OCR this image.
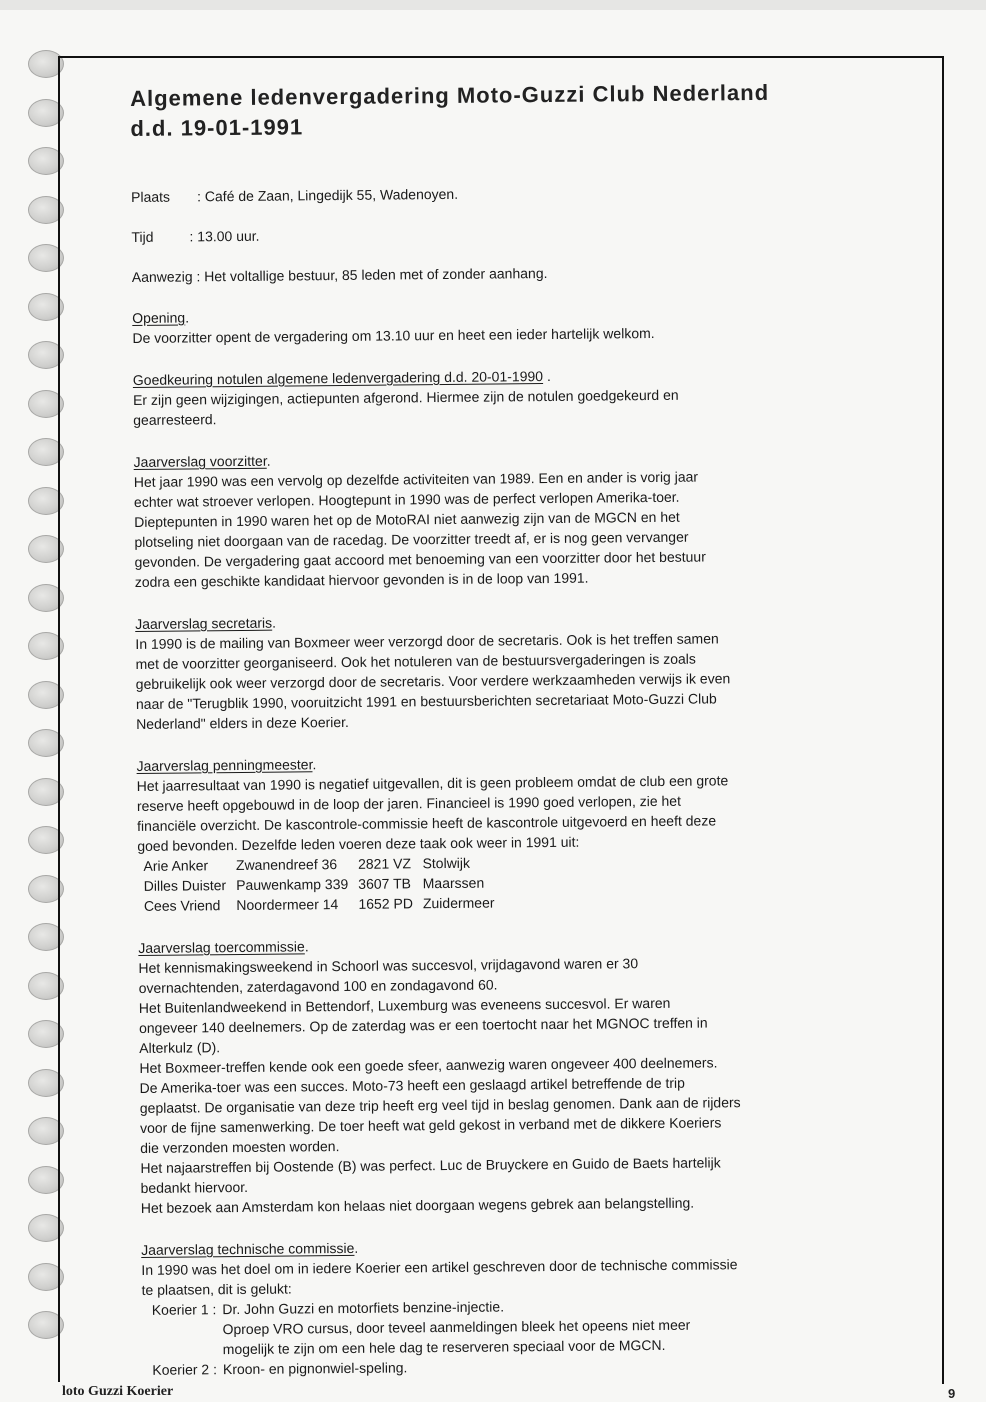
Algemene ledenvergadering Moto-Guzzi Club Nederland
d.d. 19-01-1991
Plaats : Café de Zaan, Lingedijk 55, Wadenoyen.
Tijd	: 13.00 uur.
Aanwezig : Het voltallige bestuur, 85 leden met of zonder aanhang.
Opening.

De voorzitter opent de vergadering om 13.10 uur en heet een ieder hartelijk welkom.

Goedkeuring notulen algemene ledenvergadering d.d. 20-01-1990 .

Er zijn geen wijzigingen, actiepunten afgerond. Hiermee zijn de notulen goedgekeurd en

gearresteerd.

Jaarverslag voorzitter.

Het jaar 1990 was een vervolg op dezelfde activiteiten van 1989. Een en ander is vorig jaar

echter wat stroever verlopen. Hoogtepunt in 1990 was de perfect verlopen Amerika-toer.

Dieptepunten in 1990 waren het op de MotoRAI niet aanwezig zijn van de MGCN en het

plotseling niet doorgaan van de racedag. De voorzitter treedt af, er is nog geen vervanger

gevonden. De vergadering gaat accoord met benoeming van een voorzitter door het bestuur

zodra een geschikte kandidaat hiervoor gevonden is in de loop van 1991.

Jaarverslag secretaris.

In 1990 is de mailing van Boxmeer weer verzorgd door de secretaris. Ook is het treffen samen

met de voorzitter georganiseerd. Ook het notuleren van de bestuursvergaderingen is zoals

gebruikelijk ook weer verzorgd door de secretaris. Voor verdere werkzaamheden verwijs ik even

naar de "Terugblik 1990, vooruitzicht 1991 en bestuursberichten secretariaat Moto-Guzzi Club

Nederland" elders in deze Koerier.

Jaarverslag penningmeester.

Het jaarresultaat van 1990 is negatief uitgevallen, dit is geen probleem omdat de club een grote

reserve heeft opgebouwd in de loop der jaren. Financieel is 1990 goed verlopen, zie het

financiële overzicht. De kascontrole-commissie heeft de kascontrole uitgevoerd en heeft deze

goed bevonden. Dezelfde leden voeren deze taak ook weer in 1991 uit:

Arie Anker	Zwanendreef 36	2821 VZ	Stolwijk
Dilles Duister	Pauwenkamp 339	3607 TB	Maarssen
Cees Vriend	Noordermeer 14	1652 PD	Zuidermeer
Jaarverslag toercommissie.

Het kennismakingsweekend in Schoorl was succesvol, vrijdagavond waren er 30

overnachtenden, zaterdagavond 100 en zondagavond 60.

Het Buitenlandweekend in Bettendorf, Luxemburg was eveneens succesvol. Er waren

ongeveer 140 deelnemers. Op de zaterdag was er een toertocht naar het MGNOC treffen in

Alterkulz (D).

Het Boxmeer-treffen kende ook een goede sfeer, aanwezig waren ongeveer 400 deelnemers.

De Amerika-toer was een succes. Moto-73 heeft een geslaagd artikel betreffende de trip

geplaatst. De organisatie van deze trip heeft erg veel tijd in beslag genomen. Dank aan de rijders

voor de fijne samenwerking. De toer heeft wat geld gekost in verband met de dikkere Koeriers

die verzonden moesten worden.

Het najaarstreffen bij Oostende (B) was perfect. Luc de Bruyckere en Guido de Baets hartelijk

bedankt hiervoor.

Het bezoek aan Amsterdam kon helaas niet doorgaan wegens gebrek aan belangstelling.

Jaarverslag technische commissie.

In 1990 was het doel om in iedere Koerier een artikel geschreven door de technische commissie

te plaatsen, dit is gelukt:

Koerier 1 :	Dr. John Guzzi en motorfiets benzine-injectie.
Oproep VRO cursus, door teveel aanmeldingen bleek het opeens niet meer
mogelijk te zijn om een hele dag te reserveren speciaal voor de MGCN.

Koerier 2 :	Kroon- en pignonwiel-speling.
loto Guzzi Koerier	9
